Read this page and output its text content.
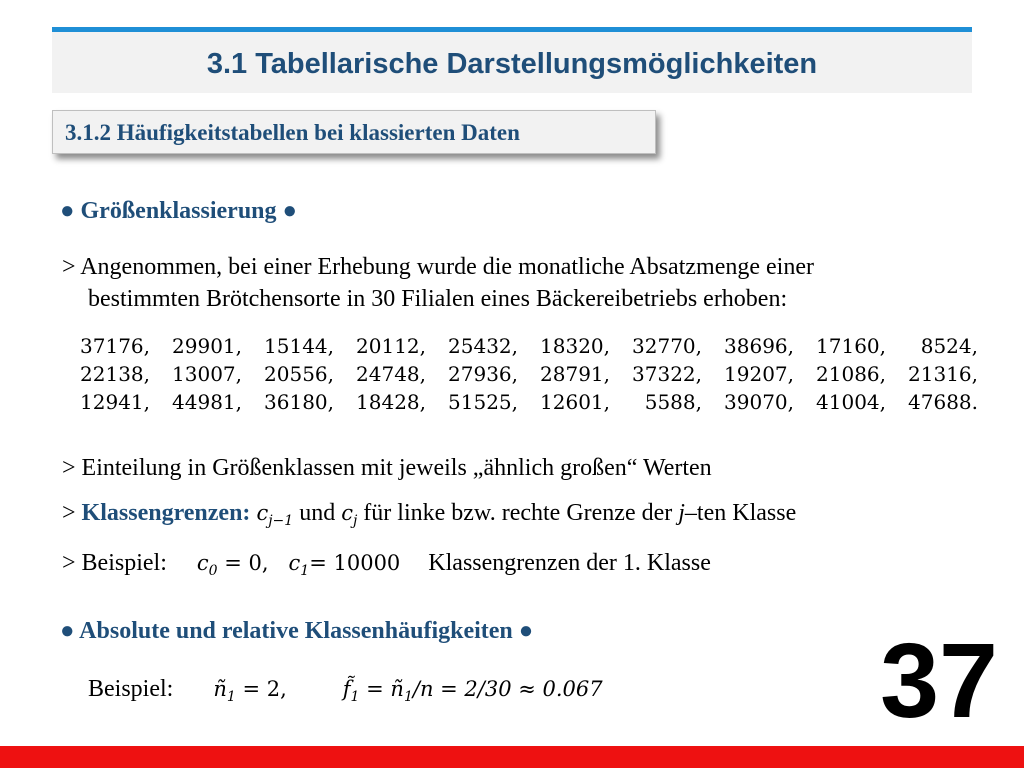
3.1 Tabellarische Darstellungsmöglichkeiten
3.1.2 Häufigkeitstabellen bei klassierten Daten
● Größenklassierung ●
> Angenommen, bei einer Erhebung wurde die monatliche Absatzmenge einer
bestimmten Brötchensorte in 30 Filialen eines Bäckereibetriebs erhoben:
37176,	29901,	15144,	20112,	25432,	18320,	32770,	38696,	17160,	8524,
22138,	13007,	20556,	24748,	27936,	28791,	37322,	19207,	21086,	21316,
12941,	44981,	36180,	18428,	51525,	12601,	5588,	39070,	41004,	47688.
> Einteilung in Größenklassen mit jeweils „ähnlich großen“ Werten
> Klassengrenzen: $c_{j-1}$ und $c_j$ für linke bzw. rechte Grenze der j–ten Klasse
> Beispiel: $c_0 = 0$, $c_1= 10000$ Klassengrenzen der 1. Klasse
● Absolute und relative Klassenhäufigkeiten ●
Beispiel: $ñ_1 = 2$,	$f̃_1$ = $ñ_1/n = 2/30 \approx 0.067$	37
